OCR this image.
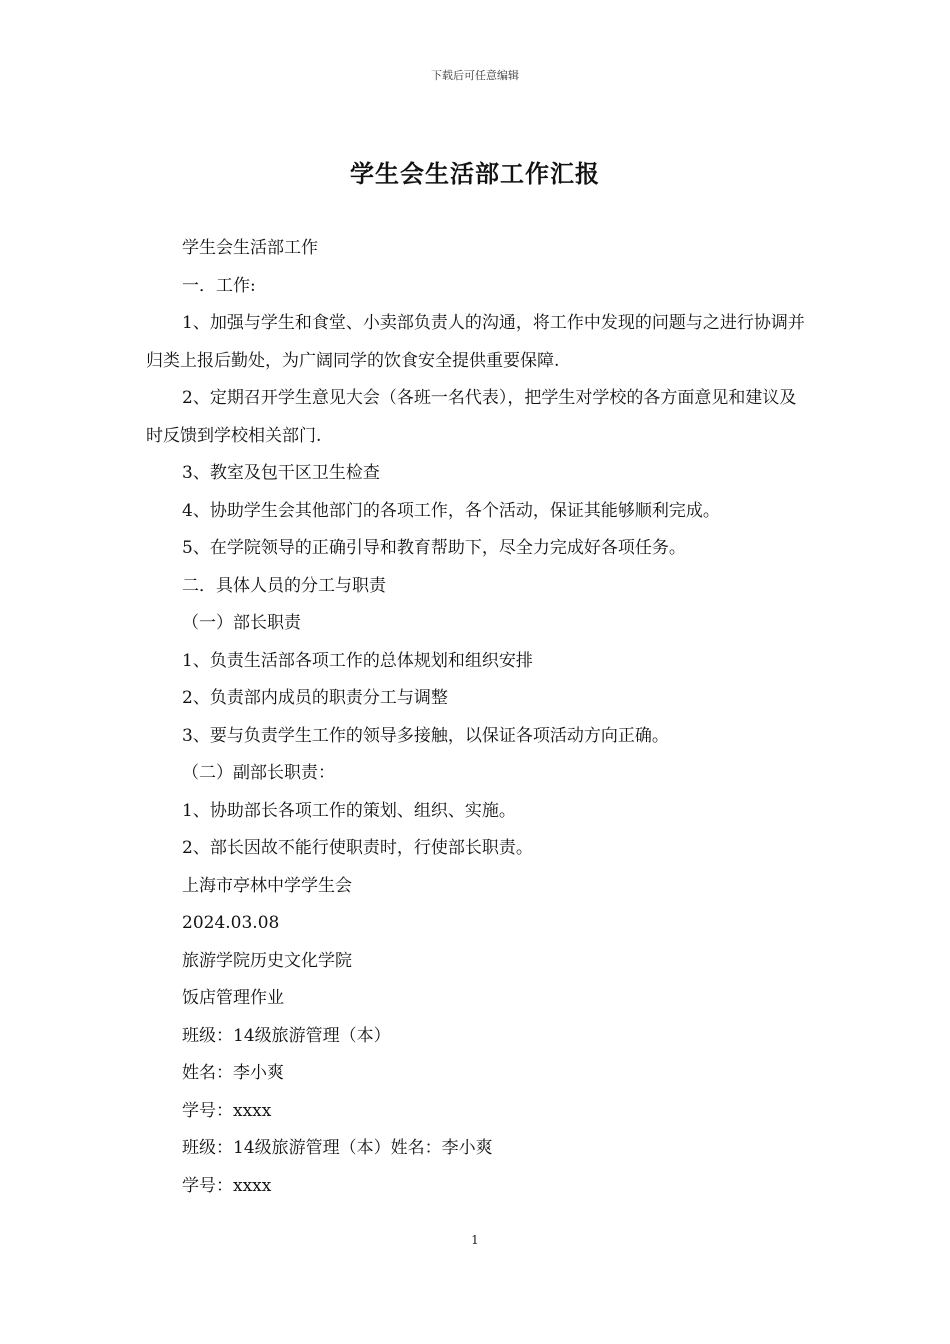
下载后可任意编辑
学生会生活部工作汇报

学生会生活部工作

一．工作:

1、加强与学生和食堂、小卖部负责人的沟通，将工作中发现的问题与之进行协调并归类上报后勤处，为广阔同学的饮食安全提供重要保障.

2、定期召开学生意见大会（各班一名代表），把学生对学校的各方面意见和建议及时反馈到学校相关部门.

3、教室及包干区卫生检查

4、协助学生会其他部门的各项工作，各个活动，保证其能够顺利完成。

5、在学院领导的正确引导和教育帮助下，尽全力完成好各项任务。

二．具体人员的分工与职责

（一）部长职责

1、负责生活部各项工作的总体规划和组织安排

2、负责部内成员的职责分工与调整

3、要与负责学生工作的领导多接触，以保证各项活动方向正确。

（二）副部长职责：

1、协助部长各项工作的策划、组织、实施。

2、部长因故不能行使职责时，行使部长职责。

上海市亭林中学学生会

2024.03.08

旅游学院历史文化学院

饭店管理作业

班级：14级旅游管理（本）

姓名：李小爽

学号：xxxx

班级：14级旅游管理（本）姓名：李小爽

学号：xxxx

1
